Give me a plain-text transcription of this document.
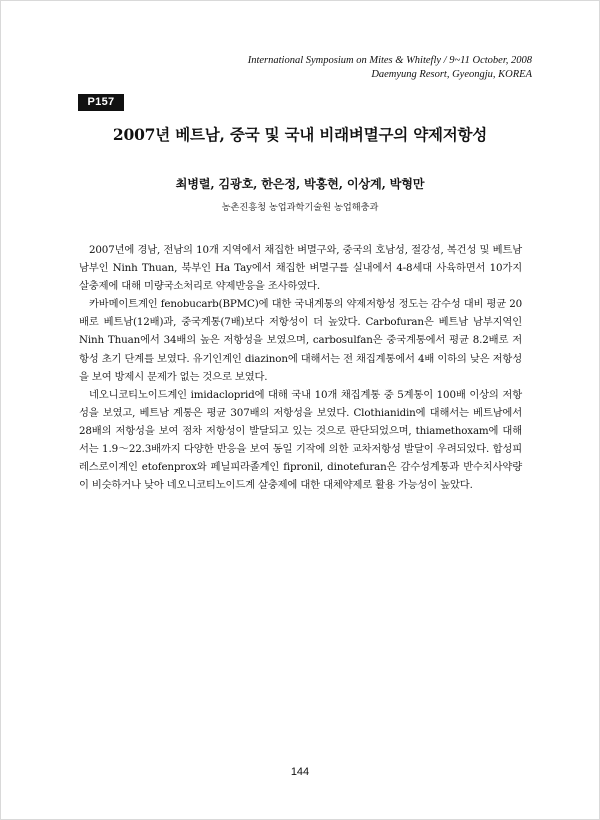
International Symposium on Mites & Whitefly / 9~11 October, 2008
Daemyung Resort, Gyeongju, KOREA
P157
2007년 베트남, 중국 및 국내 비래벼멸구의 약제저항성
최병렬, 김광호, 한은정, 박홍현, 이상계, 박형만
농촌진흥청 농업과학기술원 농업해충과

2007년에 경남, 전남의 10개 지역에서 채집한 벼멸구와, 중국의 호남성, 절강성, 복건성 및 베트남 남부인 Ninh Thuan, 북부인 Ha Tay에서 채집한 벼멸구를 실내에서 4-8세대 사육하면서 10가지 살충제에 대해 미량국소처리로 약제반응을 조사하였다.

카바메이트계인 fenobucarb(BPMC)에 대한 국내계통의 약제저항성 정도는 감수성 대비 평균 20배로 베트남(12배)과, 중국계통(7배)보다 저항성이 더 높았다. Carbofuran은 베트남 남부지역인 Ninh Thuan에서 34배의 높은 저항성을 보였으며, carbosulfan은 중국계통에서 평균 8.2배로 저항성 초기 단계를 보였다. 유기인계인 diazinon에 대해서는 전 채집계통에서 4배 이하의 낮은 저항성을 보여 방제시 문제가 없는 것으로 보였다.

네오니코티노이드계인 imidacloprid에 대해 국내 10개 채집계통 중 5계통이 100배 이상의 저항성을 보였고, 베트남 계통은 평균 307배의 저항성을 보였다. Clothianidin에 대해서는 베트남에서 28배의 저항성을 보여 점차 저항성이 발달되고 있는 것으로 판단되었으며, thiamethoxam에 대해서는 1.9～22.3배까지 다양한 반응을 보여 동일 기작에 의한 교차저항성 발달이 우려되었다. 합성피레스로이계인 etofenprox와 페닐피라졸계인 fipronil, dinotefuran은 감수성계통과 반수치사약량이 비슷하거나 낮아 네오니코티노이드계 살충제에 대한 대체약제로 활용 가능성이 높았다.

144
